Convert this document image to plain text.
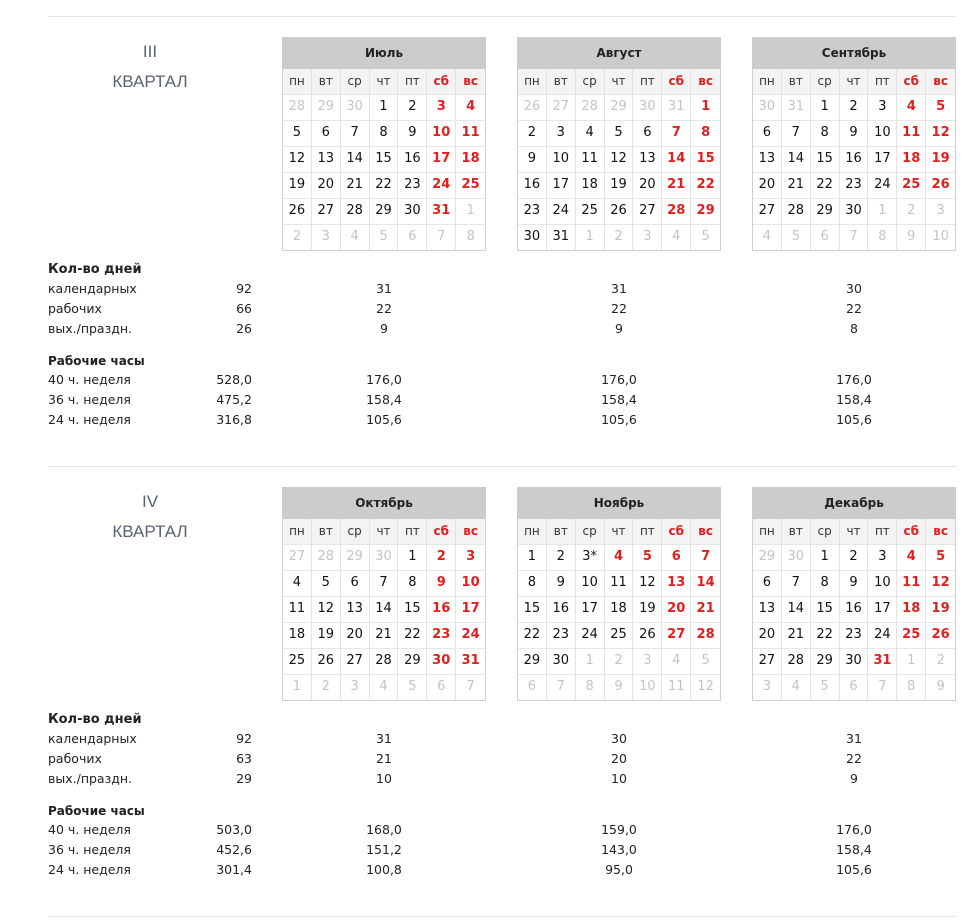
III
КВАРТАЛ
Июль
пн	вт	ср	чт	пт	сб	вс
28 29 30	1	2	3	4
5	6	7	8	9	10 11
12 13 14 15 16 17 18
19 20 21 22 23 24 25
26 27 28 29 30 31	1
2	3	4	5	6	7	8
Август
пн	вт	ср	чт	пт	сб	вс
26 27 28 29 30 31	1
2	3	4	5	6	7	8
9	10 11 12 13 14 15
16 17 18 19 20 21 22
23 24 25 26 27 28 29
30 31	1	2	3	4	5
Сентябрь
пн	вт	ср	чт	пт	сб	вс
30 31	1	2	3	4	5
6	7	8	9	10 11 12
13 14 15 16 17 18 19
20 21 22 23 24 25 26
27 28 29 30	1	2	3
4	5	6	7	8	9	10
Кол-во дней
календарных	92	31	31	30
рабочих	66	22	22	22
вых./праздн.	26	9	9	8
Рабочие часы
40 ч. неделя	528,0	176,0	176,0	176,0
36 ч. неделя	475,2	158,4	158,4	158,4
24 ч. неделя	316,8	105,6	105,6	105,6
IV
КВАРТАЛ
Октябрь
пн	вт	ср	чт	пт	сб	вс
27 28 29 30	1	2	3
4	5	6	7	8	9	10
11 12 13 14 15 16 17
18 19 20 21 22 23 24
25 26 27 28 29 30 31
1	2	3	4	5	6	7
Ноябрь
пн	вт	ср	чт	пт	сб	вс
1	2	3*	4	5	6	7
8	9	10 11 12 13 14
15 16 17 18 19 20 21
22 23 24 25 26 27 28
29 30	1	2	3	4	5
6	7	8	9	10 11 12
Декабрь
пн	вт	ср	чт	пт	сб	вс
29 30	1	2	3	4	5
6	7	8	9	10 11 12
13 14 15 16 17 18 19
20 21 22 23 24 25 26
27 28 29 30 31	1	2
3	4	5	6	7	8	9
Кол-во дней
календарных	92	31	30	31
рабочих	63	21	20	22
вых./праздн.	29	10	10	9
Рабочие часы
40 ч. неделя	503,0	168,0	159,0	176,0
36 ч. неделя	452,6	151,2	143,0	158,4
24 ч. неделя	301,4	100,8	95,0	105,6
